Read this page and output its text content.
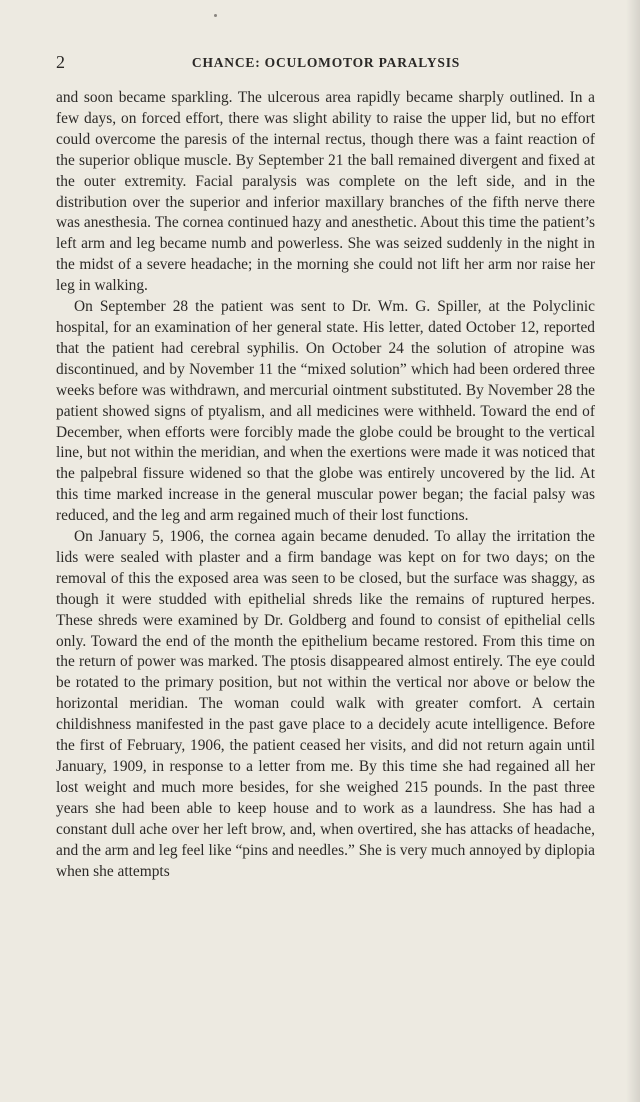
2	CHANCE: OCULOMOTOR PARALYSIS

and soon became sparkling. The ulcerous area rapidly became sharply outlined. In a few days, on forced effort, there was slight ability to raise the upper lid, but no effort could overcome the paresis of the internal rectus, though there was a faint reaction of the superior oblique muscle. By September 21 the ball remained divergent and fixed at the outer extremity. Facial paralysis was complete on the left side, and in the distribution over the superior and inferior maxillary branches of the fifth nerve there was anesthesia. The cornea continued hazy and anesthetic. About this time the patient’s left arm and leg became numb and powerless. She was seized suddenly in the night in the midst of a severe headache; in the morning she could not lift her arm nor raise her leg in walking.

On September 28 the patient was sent to Dr. Wm. G. Spiller, at the Polyclinic hospital, for an examination of her general state. His letter, dated October 12, reported that the patient had cerebral syphilis. On October 24 the solution of atropine was discontinued, and by November 11 the “mixed solution” which had been ordered three weeks before was withdrawn, and mercurial ointment substituted. By November 28 the patient showed signs of ptyalism, and all medicines were withheld. Toward the end of December, when efforts were forcibly made the globe could be brought to the vertical line, but not within the meridian, and when the exertions were made it was noticed that the palpebral fissure widened so that the globe was entirely uncovered by the lid. At this time marked increase in the general muscular power began; the facial palsy was reduced, and the leg and arm regained much of their lost functions.

On January 5, 1906, the cornea again became denuded. To allay the irritation the lids were sealed with plaster and a firm bandage was kept on for two days; on the removal of this the exposed area was seen to be closed, but the surface was shaggy, as though it were studded with epithelial shreds like the remains of ruptured herpes. These shreds were examined by Dr. Goldberg and found to consist of epithelial cells only. Toward the end of the month the epithelium became restored. From this time on the return of power was marked. The ptosis disappeared almost entirely. The eye could be rotated to the primary position, but not within the vertical nor above or below the horizontal meridian. The woman could walk with greater comfort. A certain childishness manifested in the past gave place to a decidely acute intelligence. Before the first of February, 1906, the patient ceased her visits, and did not return again until January, 1909, in response to a letter from me. By this time she had regained all her lost weight and much more besides, for she weighed 215 pounds. In the past three years she had been able to keep house and to work as a laundress. She has had a constant dull ache over her left brow, and, when overtired, she has attacks of headache, and the arm and leg feel like “pins and needles.” She is very much annoyed by diplopia when she attempts
